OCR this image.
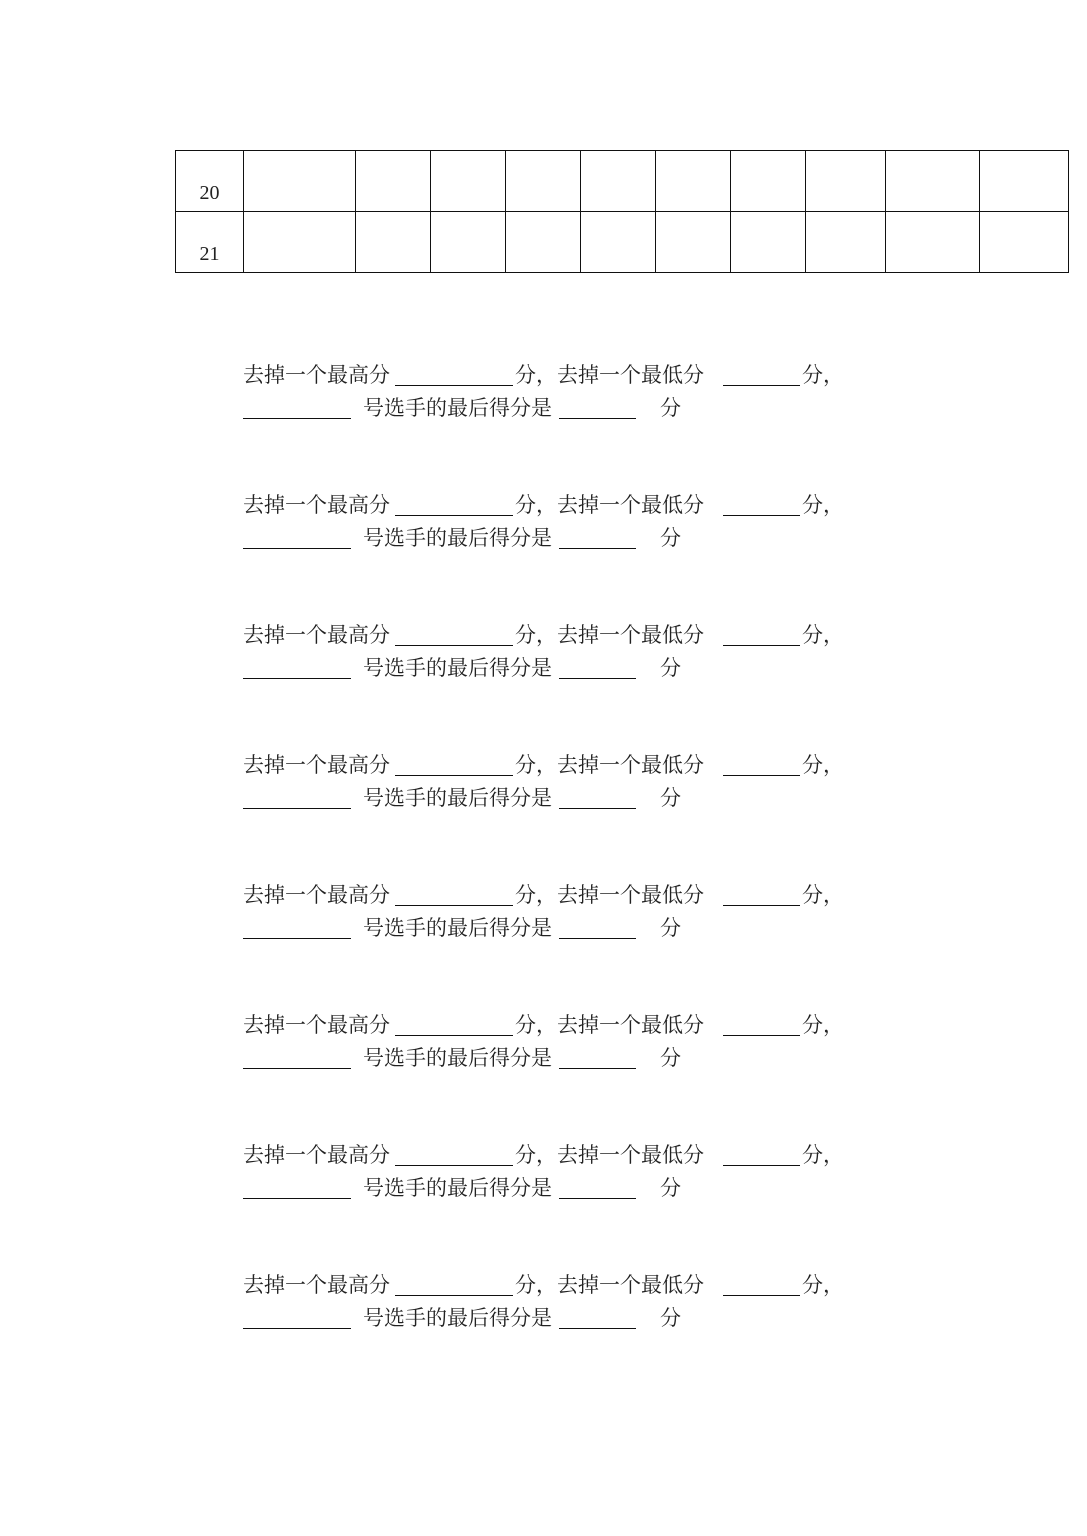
20										
21										
去掉一个最高分	分，去掉一个最低分	分，
号选手的最后得分是	分
去掉一个最高分	分，去掉一个最低分	分，
号选手的最后得分是	分
去掉一个最高分	分，去掉一个最低分	分，
号选手的最后得分是	分
去掉一个最高分	分，去掉一个最低分	分，
号选手的最后得分是	分
去掉一个最高分	分，去掉一个最低分	分，
号选手的最后得分是	分
去掉一个最高分	分，去掉一个最低分	分，
号选手的最后得分是	分
去掉一个最高分	分，去掉一个最低分	分，
号选手的最后得分是	分
去掉一个最高分	分，去掉一个最低分	分，
号选手的最后得分是	分
